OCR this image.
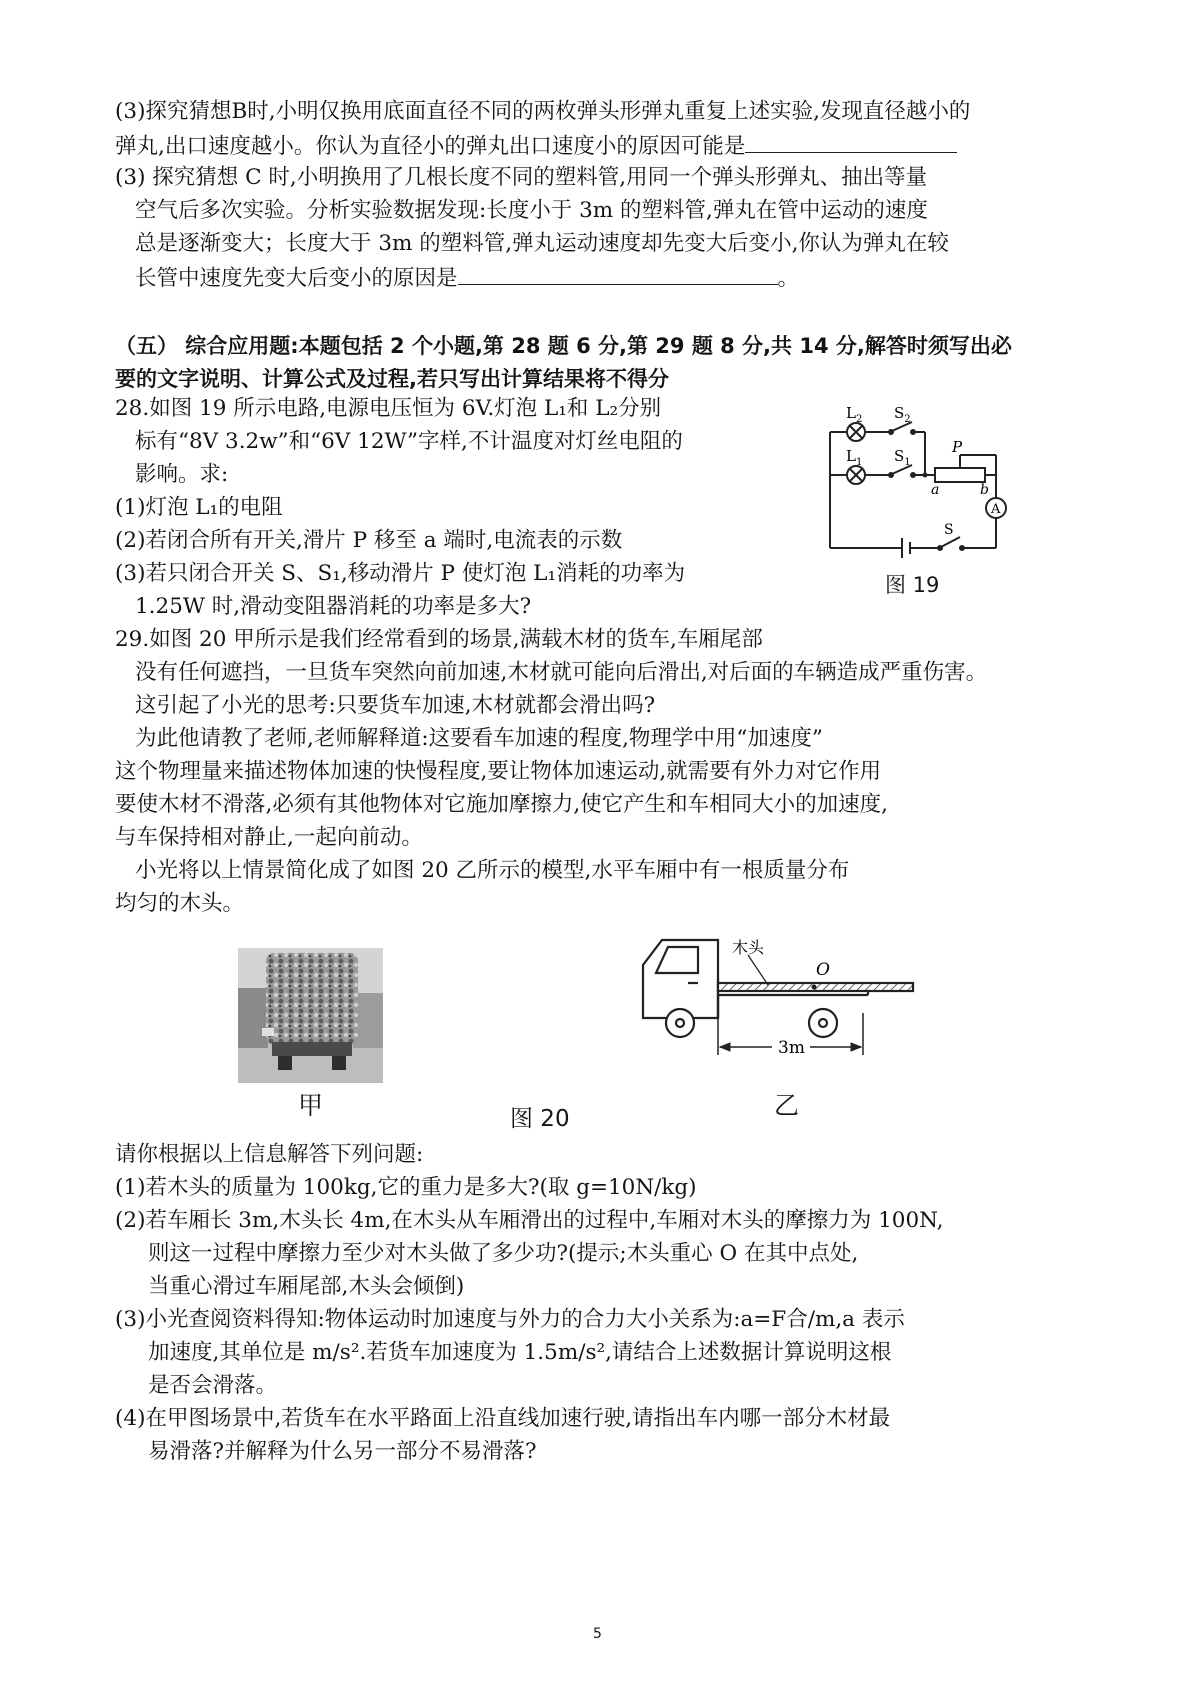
(3)探究猜想B时,小明仅换用底面直径不同的两枚弹头形弹丸重复上述实验,发现直径越小的
弹丸,出口速度越小。你认为直径小的弹丸出口速度小的原因可能是
(3) 探究猜想 C 时,小明换用了几根长度不同的塑料管,用同一个弹头形弹丸、抽出等量
空气后多次实验。分析实验数据发现:长度小于 3m 的塑料管,弹丸在管中运动的速度
总是逐渐变大；长度大于 3m 的塑料管,弹丸运动速度却先变大后变小,你认为弹丸在较
长管中速度先变大后变小的原因是	。
（五） 综合应用题:本题包括 2 个小题,第 28 题 6 分,第 29 题 8 分,共 14 分,解答时须写出必
要的文字说明、计算公式及过程,若只写出计算结果将不得分
28.如图 19 所示电路,电源电压恒为 6V.灯泡 L₁和 L₂分别
标有“8V 3.2w”和“6V 12W”字样,不计温度对灯丝电阻的
影响。求:
(1)灯泡 L₁的电阻
(2)若闭合所有开关,滑片 P 移至 a 端时,电流表的示数
(3)若只闭合开关 S、S₁,移动滑片 P 使灯泡 L₁消耗的功率为
1.25W 时,滑动变阻器消耗的功率是多大?
$L_2$ $S_2$
$L_1$ $S_1$
P
a	b
A
S
图 19
29.如图 20 甲所示是我们经常看到的场景,满载木材的货车,车厢尾部
没有任何遮挡，一旦货车突然向前加速,木材就可能向后滑出,对后面的车辆造成严重伤害。
这引起了小光的思考:只要货车加速,木材就都会滑出吗?
为此他请教了老师,老师解释道:这要看车加速的程度,物理学中用“加速度”
这个物理量来描述物体加速的快慢程度,要让物体加速运动,就需要有外力对它作用
要使木材不滑落,必须有其他物体对它施加摩擦力,使它产生和车相同大小的加速度,
与车保持相对静止,一起向前动。
小光将以上情景简化成了如图 20 乙所示的模型,水平车厢中有一根质量分布
均匀的木头。
甲	图 20
木头
O
3m
乙
请你根据以上信息解答下列问题:
(1)若木头的质量为 100kg,它的重力是多大?(取 g=10N/kg)
(2)若车厢长 3m,木头长 4m,在木头从车厢滑出的过程中,车厢对木头的摩擦力为 100N,
则这一过程中摩擦力至少对木头做了多少功?(提示;木头重心 O 在其中点处,
当重心滑过车厢尾部,木头会倾倒)
(3)小光查阅资料得知:物体运动时加速度与外力的合力大小关系为:a=F合/m,a 表示
加速度,其单位是 m/s².若货车加速度为 1.5m/s²,请结合上述数据计算说明这根
是否会滑落。
(4)在甲图场景中,若货车在水平路面上沿直线加速行驶,请指出车内哪一部分木材最
易滑落?并解释为什么另一部分不易滑落?
5
